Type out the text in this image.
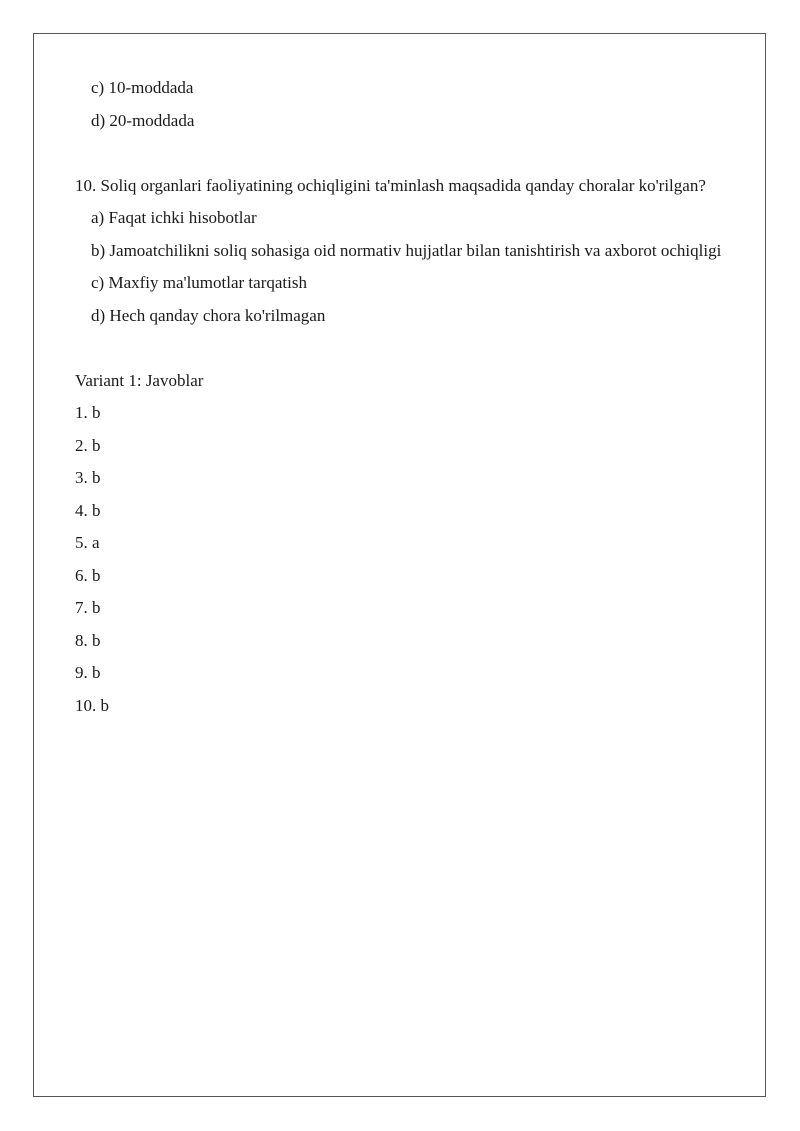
c) 10-moddada

d) 20-moddada

10. Soliq organlari faoliyatining ochiqligini ta'minlash maqsadida qanday choralar ko'rilgan?

a) Faqat ichki hisobotlar

b) Jamoatchilikni soliq sohasiga oid normativ hujjatlar bilan tanishtirish va axborot ochiqligi

c) Maxfiy ma'lumotlar tarqatish

d) Hech qanday chora ko'rilmagan

Variant 1: Javoblar

1. b

2. b

3. b

4. b

5. a

6. b

7. b

8. b

9. b

10. b
